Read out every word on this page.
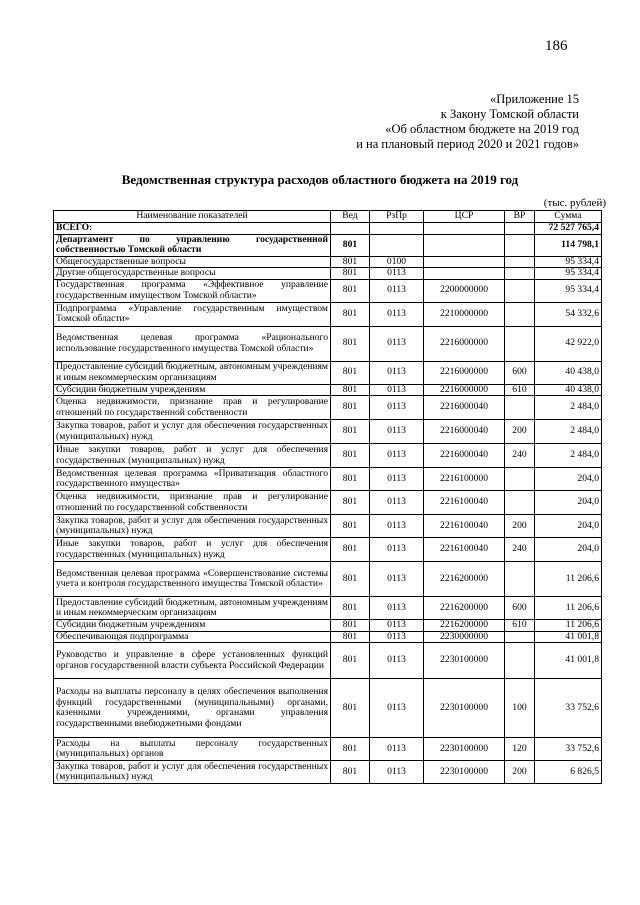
186
«Приложение 15
к Закону Томской области
«Об областном бюджете на 2019 год
и на плановый период 2020 и 2021 годов»
Ведомственная структура расходов областного бюджета на 2019 год
(тыс. рублей)
Наименование показателей	Вед	РзПр	ЦСР	ВР	Сумма
ВСЕГО:					72 527 765,4
Департамент по управлению государственной собственностью Томской области	801				114 798,1
Общегосударственные вопросы	801	0100			95 334,4
Другие общегосударственные вопросы	801	0113			95 334,4
Государственная программа «Эффективное управление государственным имуществом Томской области»	801	0113	2200000000		95 334,4
Подпрограмма «Управление государственным имуществом Томской области»	801	0113	2210000000		54 332,6
Ведомственная целевая программа «Рационального использование государственного имущества Томской области»	801	0113	2216000000		42 922,0
Предоставление субсидий бюджетным, автономным учреждениям и иным некоммерческим организациям	801	0113	2216000000	600	40 438,0
Субсидии бюджетным учреждениям	801	0113	2216000000	610	40 438,0
Оценка недвижимости, признание прав и регулирование отношений по государственной собственности	801	0113	2216000040		2 484,0
Закупка товаров, работ и услуг для обеспечения государственных (муниципальных) нужд	801	0113	2216000040	200	2 484,0
Иные закупки товаров, работ и услуг для обеспечения государственных (муниципальных) нужд	801	0113	2216000040	240	2 484,0
Ведомственная целевая программа «Приватизация областного государственного имущества»	801	0113	2216100000		204,0
Оценка недвижимости, признание прав и регулирование отношений по государственной собственности	801	0113	2216100040		204,0
Закупка товаров, работ и услуг для обеспечения государственных (муниципальных) нужд	801	0113	2216100040	200	204,0
Иные закупки товаров, работ и услуг для обеспечения государственных (муниципальных) нужд	801	0113	2216100040	240	204,0
Ведомственная целевая программа «Совершенствование системы учета и контроля государственного имущества Томской области»	801	0113	2216200000		11 206,6
Предоставление субсидий бюджетным, автономным учреждениям и иным некоммерческим организациям	801	0113	2216200000	600	11 206,6
Субсидии бюджетным учреждениям	801	0113	2216200000	610	11 206,6
Обеспечивающая подпрограмма	801	0113	2230000000		41 001,8
Руководство и управление в сфере установленных функций органов государственной власти субъекта Российской Федерации	801	0113	2230100000		41 001,8
Расходы на выплаты персоналу в целях обеспечения выполнения функций государственными (муниципальными) органами, казенными учреждениями, органами управления государственными внебюджетными фондами	801	0113	2230100000	100	33 752,6
Расходы на выплаты персоналу государственных (муниципальных) органов	801	0113	2230100000	120	33 752,6
Закупка товаров, работ и услуг для обеспечения государственных (муниципальных) нужд	801	0113	2230100000	200	6 826,5
